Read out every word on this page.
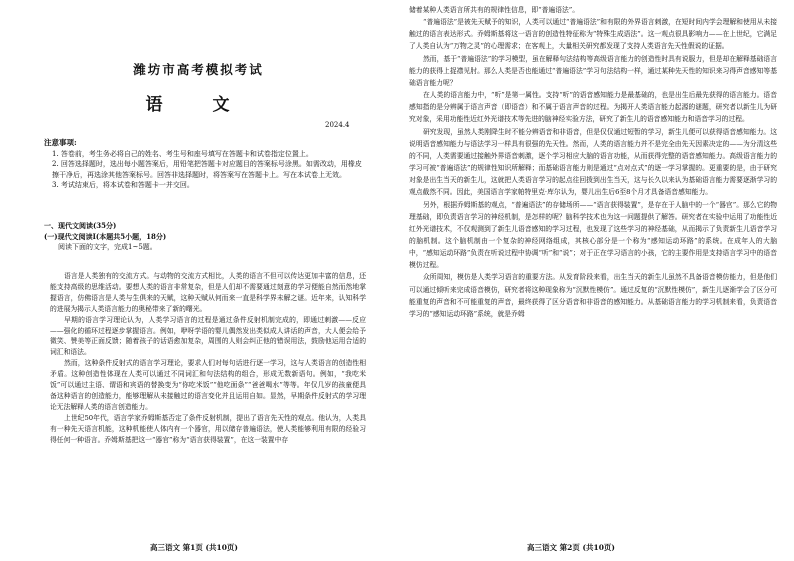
潍坊市高考模拟考试
语 文
2024.4

注意事项:

1. 答卷前，考生务必将自己的姓名、考生号和座号填写在答题卡和试卷指定位置上。

2. 回答选择题时，选出每小题答案后，用铅笔把答题卡对应题目的答案标号涂黑。如需改动，用橡皮擦干净后，再选涂其他答案标号。回答非选择题时，将答案写在答题卡上。写在本试卷上无效。

3. 考试结束后，将本试卷和答题卡一并交回。

一、现代文阅读(35分)

(一)现代文阅读Ⅰ(本题共5小题，18分)

阅读下面的文字，完成1~5题。

语言是人类独有的交流方式。与动物的交流方式相比，人类的语言不但可以传达更加丰富的信息，还能支持高级的思维活动。要想人类的语言非常复杂，但是人们却不需要通过刻意的学习便能自然而然地掌握语言，仿佛语言是人类与生俱来的天赋，这种天赋从何而来一直是科学界未解之谜。近年来，认知科学的进展为揭示人类语言能力的奥秘带来了新的曙光。

早期的语言学习理论认为，人类学习语言的过程是通过条件反射机制完成的，即通过刺激——反应——强化的循环过程逐步掌握语言。例如，咿呀学语的婴儿偶然发出类似成人讲话的声音，大人便会给予微笑、赞美等正面反馈；随着孩子的话语愈加复杂，周围的人则会纠正他的错误用法，鼓励他运用合适的词汇和语法。

然而，这种条件反射式的语言学习理论，要求人们对每句话进行逐一学习，这与人类语言的创造性相矛盾。这种创造性体现在人类可以通过不同词汇和句法结构的组合，形成无数新语句。例如，“我吃米饭”可以通过主语、谓语和宾语的替换变为“你吃米饭”“他吃面条”“爸爸喝水”等等。年仅几岁的孩童便具备这种语言的创造能力，能够理解从未接触过的语言变化并且运用自如。显然，早期条件反射式的学习理论无法解释人类的语言创造能力。

上世纪50年代，语言学家乔姆斯基否定了条件反射机制，提出了语言先天性的观点。他认为，人类具有一种先天语言机能，这种机能使人体内有一个器官，用以储存普遍语法，使人类能够利用有限的经验习得任何一种语言。乔姆斯基把这一“器官”称为“语言获得装置”，在这一装置中存

高三语文 第1页 (共10页)

储着某种人类语言所共有的规律性信息，即“普遍语法”。

“普遍语法”是被先天赋予的知识，人类可以通过“普遍语法”和有限的外界语言刺激，在短时间内学会理解和使用从未接触过的语言表达形式。乔姆斯基将这一语言的创造性特征称为“特殊生成语法”。这一观点很具影响力——在上世纪，它满足了人类自认为“万物之灵”的心理需求；在客观上，大量相关研究都发现了支持人类语言先天性假说的证据。

然而，基于“普遍语法”的学习模型，虽在解释句法结构等高级语言能力的创造性时具有说服力，但是却在解释基础语言能力的获得上捉襟见肘。那么人类是否也能通过“普遍语法”学习句法结构一样，通过某种先天性的知识来习得声音感知等基础语言能力呢？

在人类的语言能力中，“听”是第一属性。支持“听”的语音感知能力是最基础的，也是出生后最先获得的语言能力。语音感知指的是分辨属于语言声音（即语音）和不属于语言声音的过程。为揭开人类语言能力起源的谜题，研究者以新生儿为研究对象，采用功能性近红外光谱技术等先进的脑神经实验方法，研究了新生儿的语音感知能力和语音学习的过程。

研究发现，虽然人类刚降生时不能分辨语音和非语音，但是仅仅通过短暂的学习，新生儿便可以获得语音感知能力。这说明语音感知能力与语法学习一样具有很强的先天性。然而，人类的语言能力并不是完全由先天因素决定的——为分清这些的不同，人类需要通过接触外界语音刺激，逐个学习相应大脑的语言功能，从而获得完整的语音感知能力。高级语言能力的学习可被“普遍语法”的规律性知识所解释；而基础语言能力则是通过“点对点式”的逐一学习掌握的。更重要的是，由于研究对象是出生当天的新生儿，这就把人类语言学习的起点往回拨到出生当天，这与长久以来认为基础语言能力需要逐渐学习的观点截然不同。因此，美国语言学家帕特里克·库尔认为，婴儿出生后6至8个月才具备语音感知能力。

另外，根据乔姆斯基的观点，“普遍语法”的存储场所——“语言获得装置”，是存在于人脑中的一个“器官”。那么它的物理基础，即负责语言学习的神经机制，是怎样的呢？脑科学技术也为这一问题提供了解答。研究者在实验中运用了功能性近红外光谱技术，不仅观测到了新生儿语音感知的学习过程，也发现了这些学习的神经基础，从而揭示了负责新生儿语音学习的脑机制。这个脑机制由一个复杂的神经网络组成，其核心部分是一个称为“感知运动环路”的系统。在成年人的大脑中，“感知运动环路”负责在听说过程中协调“听”和“说”；对于正在学习语言的小孩，它的主要作用是支持语言学习中的语音模仿过程。

众所周知，模仿是人类学习语言的重要方法。从发育阶段来看，出生当天的新生儿虽然不具备语音模仿能力，但是他们可以通过倾听来完成语音模仿，研究者将这种现象称为“沉默性模仿”。通过反复的“沉默性模仿”，新生儿逐渐学会了区分可能重复的声音和不可能重复的声音，最终获得了区分语音和非语音的感知能力。从基础语言能力的学习机制来看，负责语音学习的“感知运动环路”系统，就是乔姆

高三语文 第2页 (共10页)
